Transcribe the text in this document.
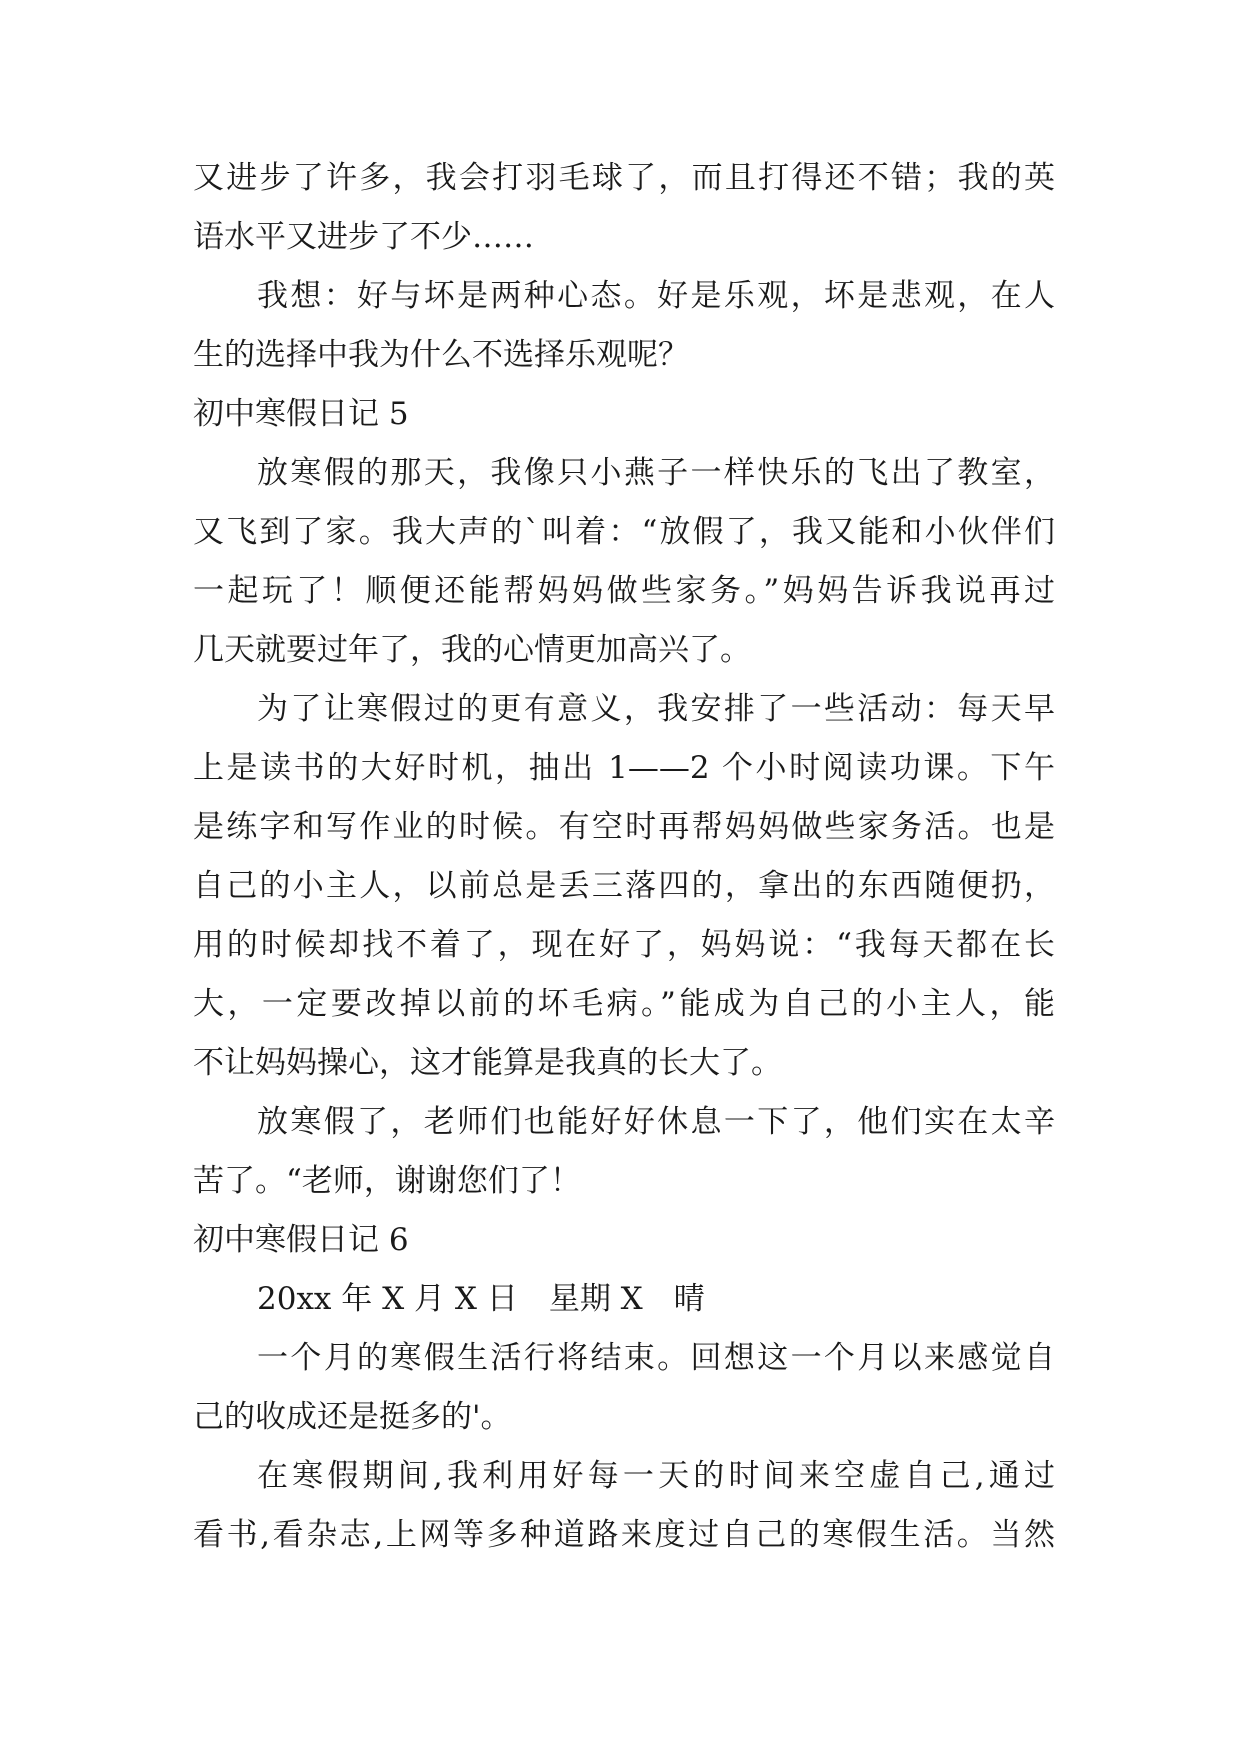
又进步了许多，我会打羽毛球了，而且打得还不错；我的英
语水平又进步了不少……
我想：好与坏是两种心态。好是乐观，坏是悲观，在人
生的选择中我为什么不选择乐观呢？
初中寒假日记 5
放寒假的那天，我像只小燕子一样快乐的飞出了教室，
又飞到了家。我大声的`叫着：“放假了，我又能和小伙伴们
一起玩了！顺便还能帮妈妈做些家务。”妈妈告诉我说再过
几天就要过年了，我的心情更加高兴了。
为了让寒假过的更有意义，我安排了一些活动：每天早
上是读书的大好时机，抽出 1——2 个小时阅读功课。下午
是练字和写作业的时候。有空时再帮妈妈做些家务活。也是
自己的小主人，以前总是丢三落四的，拿出的东西随便扔，
用的时候却找不着了，现在好了，妈妈说：“我每天都在长
大，一定要改掉以前的坏毛病。”能成为自己的小主人，能
不让妈妈操心，这才能算是我真的长大了。
放寒假了，老师们也能好好休息一下了，他们实在太辛
苦了。“老师，谢谢您们了！
初中寒假日记 6
20xx 年 X 月 X 日　星期 X　晴
一个月的寒假生活行将结束。回想这一个月以来感觉自
己的收成还是挺多的'。
在寒假期间,我利用好每一天的时间来空虚自己,通过
看书,看杂志,上网等多种道路来度过自己的寒假生活。当然
